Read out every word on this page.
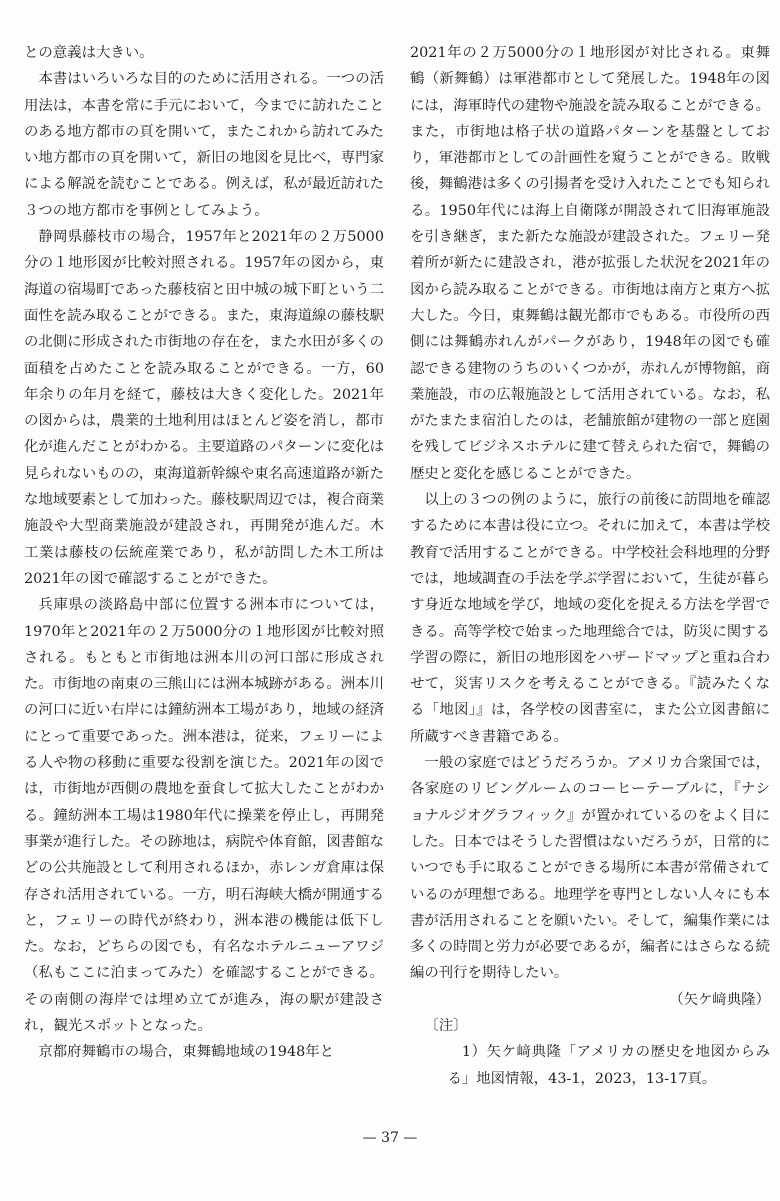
との意義は大きい。

本書はいろいろな目的のために活用される。一つの活用法は，本書を常に手元において，今までに訪れたことのある地方都市の頁を開いて，またこれから訪れてみたい地方都市の頁を開いて，新旧の地図を見比べ，専門家による解説を読むことである。例えば，私が最近訪れた３つの地方都市を事例としてみよう。

静岡県藤枝市の場合，1957年と2021年の２万5000分の１地形図が比較対照される。1957年の図から，東海道の宿場町であった藤枝宿と田中城の城下町という二面性を読み取ることができる。また，東海道線の藤枝駅の北側に形成された市街地の存在を，また水田が多くの面積を占めたことを読み取ることができる。一方，60年余りの年月を経て，藤枝は大きく変化した。2021年の図からは，農業的土地利用はほとんど姿を消し，都市化が進んだことがわかる。主要道路のパターンに変化は見られないものの，東海道新幹線や東名高速道路が新たな地域要素として加わった。藤枝駅周辺では，複合商業施設や大型商業施設が建設され，再開発が進んだ。木工業は藤枝の伝統産業であり，私が訪問した木工所は2021年の図で確認することができた。

兵庫県の淡路島中部に位置する洲本市については，1970年と2021年の２万5000分の１地形図が比較対照される。もともと市街地は洲本川の河口部に形成された。市街地の南東の三熊山には洲本城跡がある。洲本川の河口に近い右岸には鐘紡洲本工場があり，地域の経済にとって重要であった。洲本港は，従来，フェリーによる人や物の移動に重要な役割を演じた。2021年の図では，市街地が西側の農地を蚕食して拡大したことがわかる。鐘紡洲本工場は1980年代に操業を停止し，再開発事業が進行した。その跡地は，病院や体育館，図書館などの公共施設として利用されるほか，赤レンガ倉庫は保存され活用されている。一方，明石海峡大橋が開通すると，フェリーの時代が終わり，洲本港の機能は低下した。なお，どちらの図でも，有名なホテルニューアワジ（私もここに泊まってみた）を確認することができる。その南側の海岸では埋め立てが進み，海の駅が建設され，観光スポットとなった。

京都府舞鶴市の場合，東舞鶴地域の1948年と

2021年の２万5000分の１地形図が対比される。東舞鶴（新舞鶴）は軍港都市として発展した。1948年の図には，海軍時代の建物や施設を読み取ることができる。また，市街地は格子状の道路パターンを基盤としており，軍港都市としての計画性を窺うことができる。敗戦後，舞鶴港は多くの引揚者を受け入れたことでも知られる。1950年代には海上自衛隊が開設されて旧海軍施設を引き継ぎ，また新たな施設が建設された。フェリー発着所が新たに建設され，港が拡張した状況を2021年の図から読み取ることができる。市街地は南方と東方へ拡大した。今日，東舞鶴は観光都市でもある。市役所の西側には舞鶴赤れんがパークがあり，1948年の図でも確認できる建物のうちのいくつかが，赤れんが博物館，商業施設，市の広報施設として活用されている。なお，私がたまたま宿泊したのは，老舗旅館が建物の一部と庭園を残してビジネスホテルに建て替えられた宿で，舞鶴の歴史と変化を感じることができた。

以上の３つの例のように，旅行の前後に訪問地を確認するために本書は役に立つ。それに加えて，本書は学校教育で活用することができる。中学校社会科地理的分野では，地域調査の手法を学ぶ学習において，生徒が暮らす身近な地域を学び，地域の変化を捉える方法を学習できる。高等学校で始まった地理総合では，防災に関する学習の際に，新旧の地形図をハザードマップと重ね合わせて，災害リスクを考えることができる。『読みたくなる「地図」』は，各学校の図書室に，また公立図書館に所蔵すべき書籍である。

一般の家庭ではどうだろうか。アメリカ合衆国では，各家庭のリビングルームのコーヒーテーブルに，『ナショナルジオグラフィック』が置かれているのをよく目にした。日本ではそうした習慣はないだろうが，日常的にいつでも手に取ることができる場所に本書が常備されているのが理想である。地理学を専門としない人々にも本書が活用されることを願いたい。そして，編集作業には多くの時間と労力が必要であるが，編者にはさらなる続編の刊行を期待したい。

（矢ケ﨑典隆）

〔注〕

1）矢ケ﨑典隆「アメリカの歴史を地図からみる」地図情報，43-1，2023，13-17頁。

— 37 —
